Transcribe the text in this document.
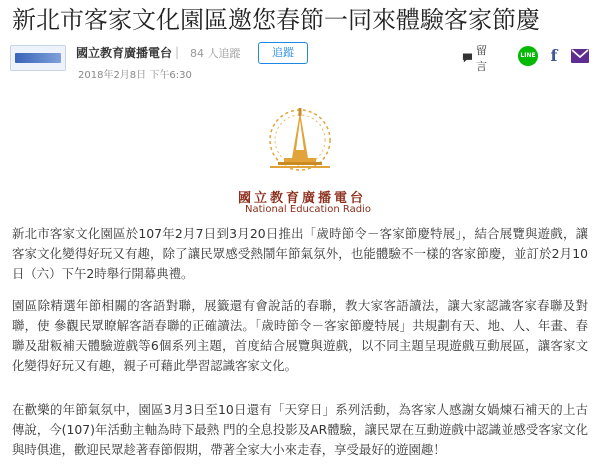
新北市客家文化園區邀您春節一同來體驗客家節慶
國立教育廣播電台 | 84 人追蹤	追蹤
2018年2月8日 下午6:30
留言
LINE f
國立教育廣播電台
National Education Radio

新北市客家文化園區於107年2月7日到3月20日推出「歲時節令－客家節慶特展」，結合展覽與遊戲，讓客家文化變得好玩又有趣，除了讓民眾感受熱鬧年節氣氛外，也能體驗不一樣的客家節慶，並訂於2月10日（六）下午2時舉行開幕典禮。

園區除精選年節相關的客語對聯，展籤還有會說話的春聯，教大家客語讀法，讓大家認識客家春聯及對聯，使 參觀民眾瞭解客語春聯的正確讀法。「歲時節令－客家節慶特展」共規劃有天、地、人、年畫、春聯及甜粄補天體驗遊戲等6個系列主題，首度結合展覽與遊戲，以不同主題呈現遊戲互動展區，讓客家文化變得好玩又有趣，親子可藉此學習認識客家文化。

在歡樂的年節氣氛中，園區3月3日至10日還有「天穿日」系列活動，為客家人感謝女媧煉石補天的上古傳說，今(107)年活動主軸為時下最熱 門的全息投影及AR體驗，讓民眾在互動遊戲中認識並感受客家文化與時俱進，歡迎民眾趁著春節假期，帶著全家大小來走春，享受最好的遊園趣！
